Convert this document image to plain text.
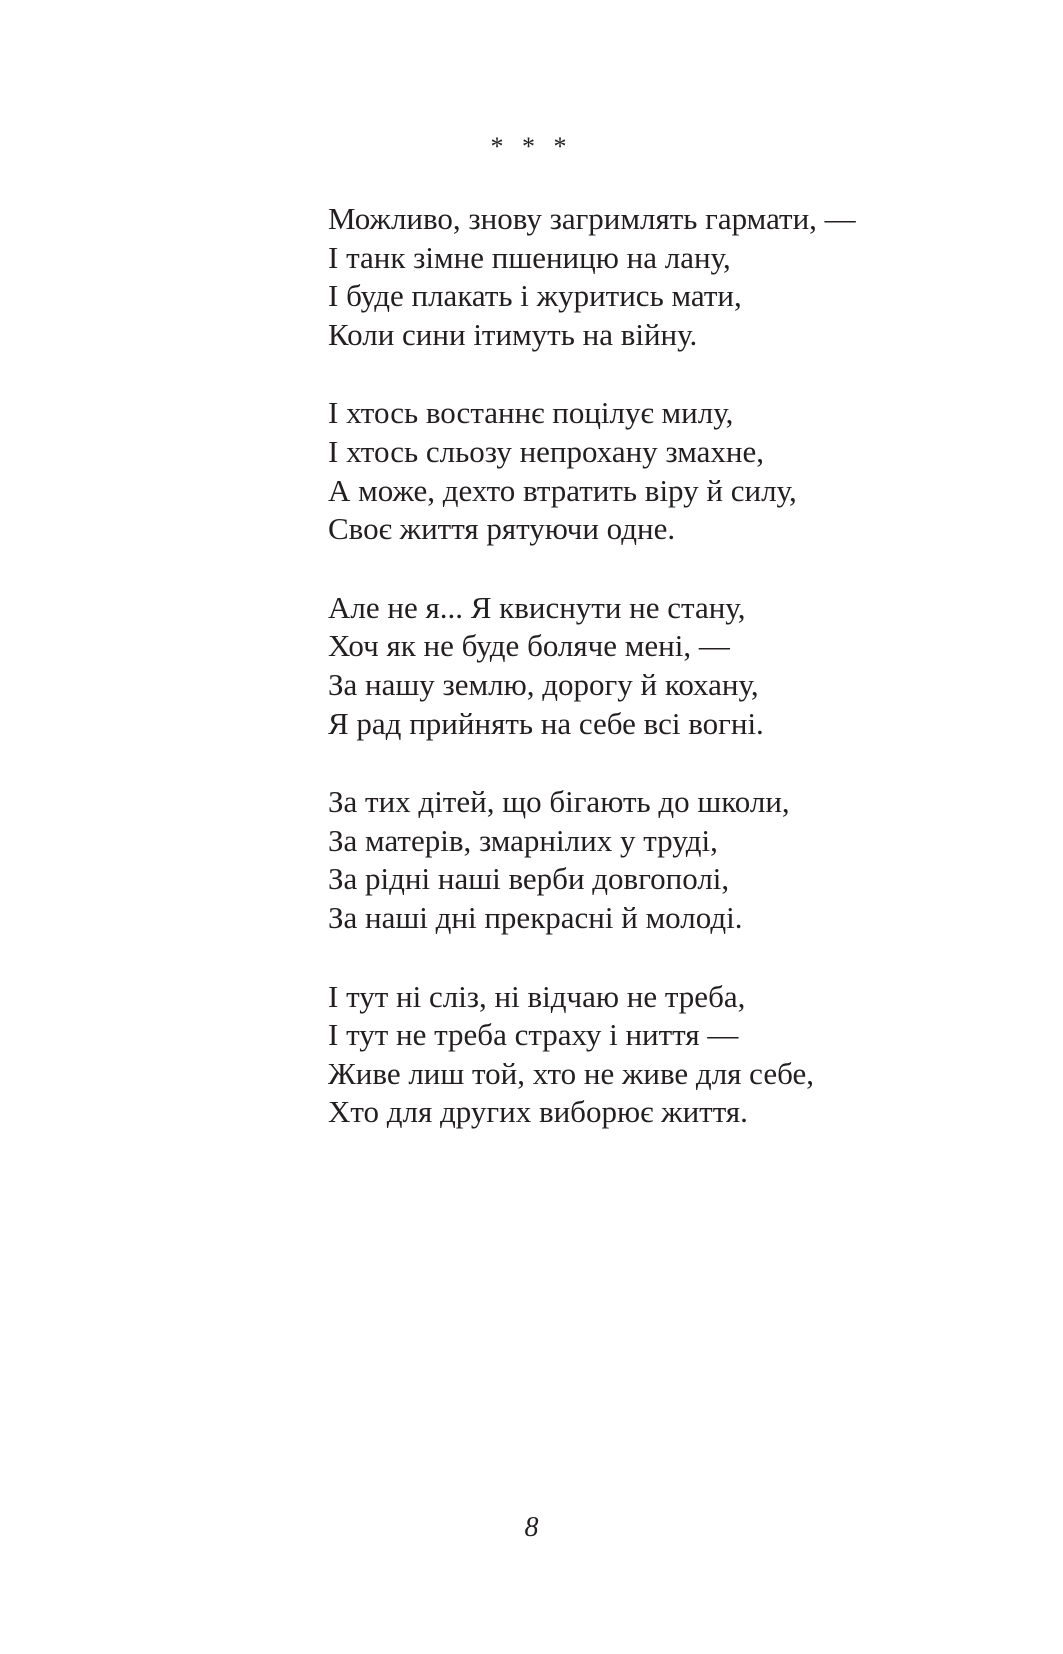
* * *
Можливо, знову загримлять гармати, —
І танк зімне пшеницю на лану,
І буде плакать і журитись мати,
Коли сини ітимуть на війну.
І хтось востаннє поцілує милу,
І хтось сльозу непрохану змахне,
А може, дехто втратить віру й силу,
Своє життя рятуючи одне.
Але не я... Я квиснути не стану,
Хоч як не буде боляче мені, —
За нашу землю, дорогу й кохану,
Я рад прийнять на себе всі вогні.
За тих дітей, що бігають до школи,
За матерів, змарнілих у труді,
За рідні наші верби довгополі,
За наші дні прекрасні й молоді.
І тут ні сліз, ні відчаю не треба,
І тут не треба страху і ниття —
Живе лиш той, хто не живе для себе,
Хто для других виборює життя.
8
